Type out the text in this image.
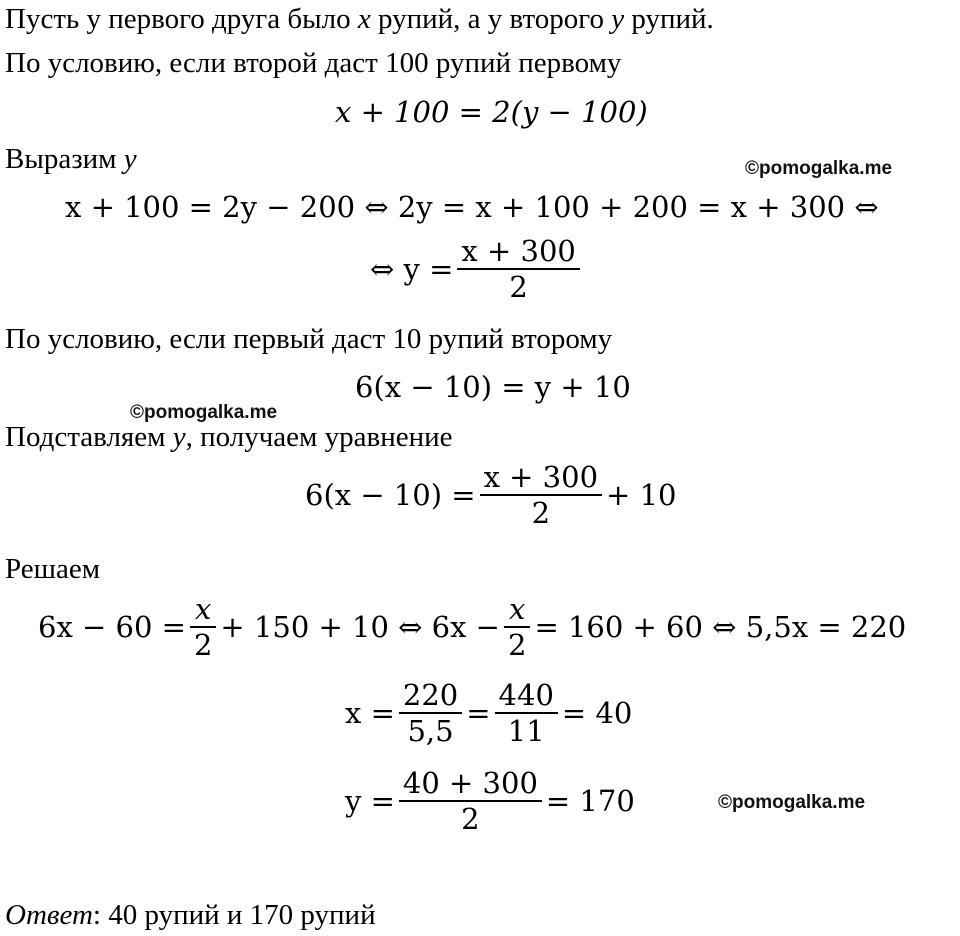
Пусть у первого друга было x рупий, а у второго y рупий.
По условию, если второй даст 100 рупий первому
x + 100 = 2(y − 100)
Выразим y	©pomogalka.me
x + 100 = 2y − 200 ⇔ 2y = x + 100 + 200 = x + 300 ⇔
⇔ $y = \frac{x + 300}{2}$
По условию, если первый даст 10 рупий второму
6(x − 10) = y + 10
©pomogalka.me
Подставляем y, получаем уравнение
$6(x - 10) = \frac{x + 300}{2} + 10$
Решаем
$6x - 60 = \frac{x}{2} + 150 + 10$ ⇔ $6x - \frac{x}{2} = 160 + 60$ ⇔ 5,5x = 220
$x = \frac{220}{5,5} = \frac{440}{11} = 40$
$y = \frac{40 + 300}{2} = 170$	©pomogalka.me
Ответ: 40 рупий и 170 рупий
